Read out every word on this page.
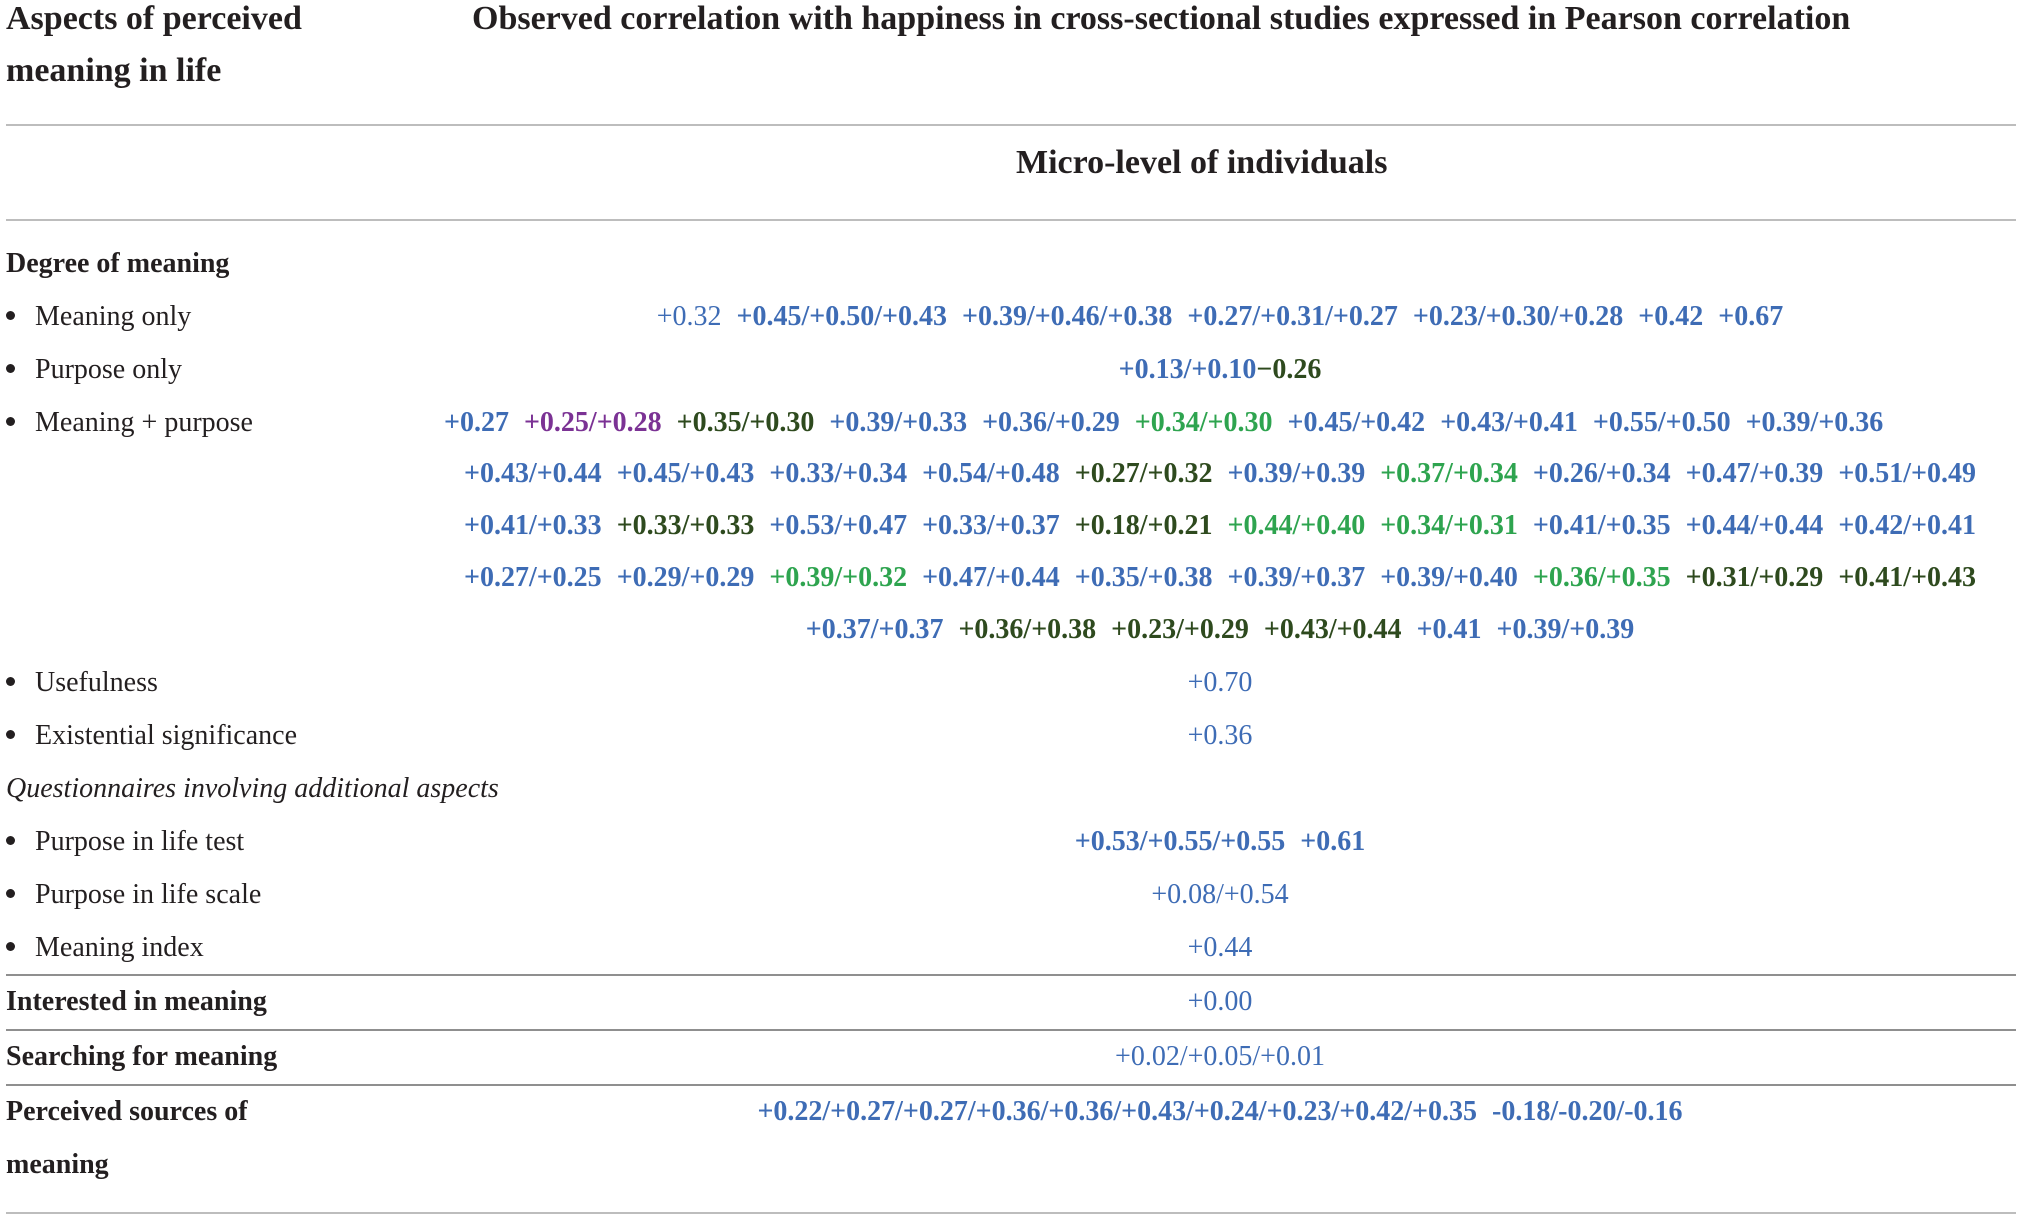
Aspects of perceived
meaning in life
Observed correlation with happiness in cross-sectional studies expressed in Pearson correlation
Micro-level of individuals
Degree of meaning
Meaning only	+0.32 +0.45/+0.50/+0.43 +0.39/+0.46/+0.38 +0.27/+0.31/+0.27 +0.23/+0.30/+0.28 +0.42 +0.67
Purpose only	+0.13/+0.10−0.26
Meaning + purpose	+0.27 +0.25/+0.28 +0.35/+0.30 +0.39/+0.33 +0.36/+0.29 +0.34/+0.30 +0.45/+0.42 +0.43/+0.41 +0.55/+0.50 +0.39/+0.36
+0.43/+0.44 +0.45/+0.43 +0.33/+0.34 +0.54/+0.48 +0.27/+0.32 +0.39/+0.39 +0.37/+0.34 +0.26/+0.34 +0.47/+0.39 +0.51/+0.49 +0.41/+0.33 +0.33/+0.33 +0.53/+0.47 +0.33/+0.37 +0.18/+0.21 +0.44/+0.40 +0.34/+0.31 +0.41/+0.35 +0.44/+0.44 +0.42/+0.41 +0.27/+0.25 +0.29/+0.29 +0.39/+0.32 +0.47/+0.44 +0.35/+0.38 +0.39/+0.37 +0.39/+0.40 +0.36/+0.35 +0.31/+0.29 +0.41/+0.43 +0.37/+0.37 +0.36/+0.38 +0.23/+0.29 +0.43/+0.44 +0.41 +0.39/+0.39
Usefulness	+0.70
Existential significance	+0.36
Questionnaires involving additional aspects
Purpose in life test	+0.53/+0.55/+0.55 +0.61
Purpose in life scale	+0.08/+0.54
Meaning index	+0.44
Interested in meaning	+0.00
Searching for meaning	+0.02/+0.05/+0.01
Perceived sources of
meaning
+0.22/+0.27/+0.27/+0.36/+0.36/+0.43/+0.24/+0.23/+0.42/+0.35 -0.18/-0.20/-0.16
